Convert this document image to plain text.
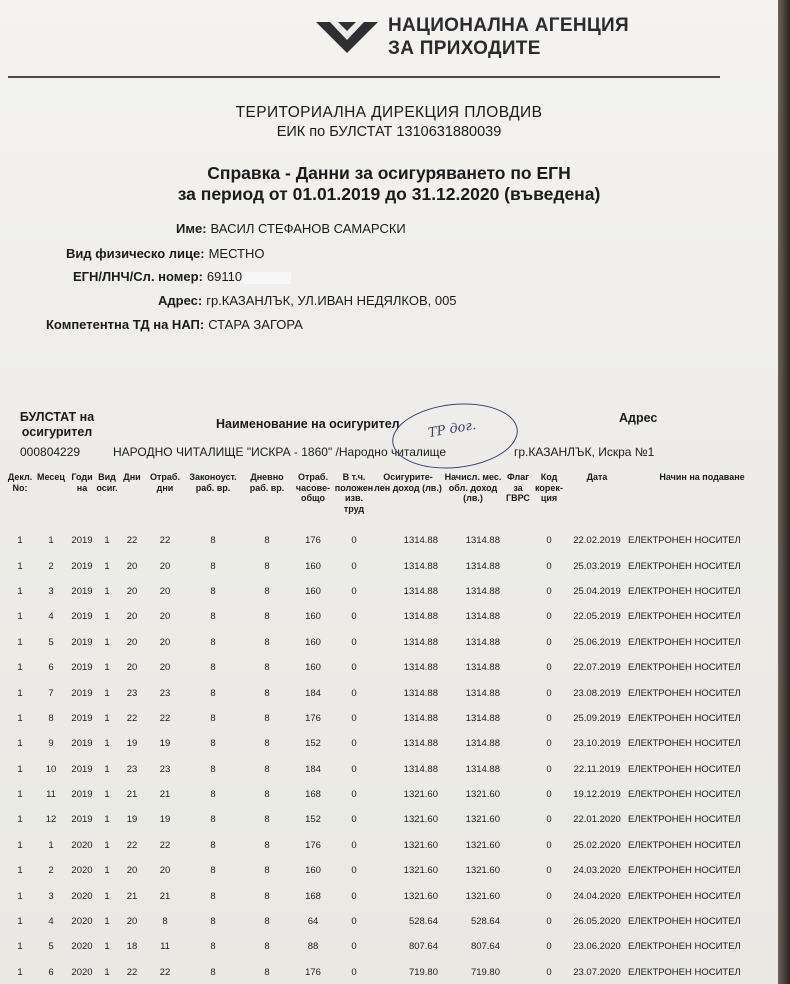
НАЦИОНАЛНА АГЕНЦИЯ
ЗА ПРИХОДИТЕ
ТЕРИТОРИАЛНА ДИРЕКЦИЯ ПЛОВДИВ
ЕИК по БУЛСТАТ 1310631880039
Справка - Данни за осигуряването по ЕГН
за период от 01.01.2019 до 31.12.2020 (въведена)
Име: ВАСИЛ СТЕФАНОВ САМАРСКИ
Вид физическо лице: МЕСТНО
ЕГН/ЛНЧ/Сл. номер: 69110
Адрес: гр.КАЗАНЛЪК, УЛ.ИВАН НЕДЯЛКОВ, 005
Компетентна ТД на НАП: СТАРА ЗАГОРА
БУЛСТАТ на осигурител
Наименование на осигурител	Адрес
000804229	НАРОДНО ЧИТАЛИЩЕ "ИСКРА - 1860" /Народно читалище	гр.КАЗАНЛЪК, Искра №1
ТР дог.
Декл. No:	Месец	Годи на	Вид осиг.	Дни	Отраб. дни	Законоуст. раб. вр.	Дневно раб. вр.	Отраб. часове- общо	В т.ч. положен изв. труд	Осигурите- лен доход (лв.)	Начисл. мес. обл. доход (лв.)	Флаг за ГВРС	Код корек- ция	Дата	Начин на подаване
1	1	2019	1	22	22	8	8	176	0	1314.88	1314.88		0	22.02.2019	ЕЛЕКТРОНЕН НОСИТЕЛ
1	2	2019	1	20	20	8	8	160	0	1314.88	1314.88		0	25.03.2019	ЕЛЕКТРОНЕН НОСИТЕЛ
1	3	2019	1	20	20	8	8	160	0	1314.88	1314.88		0	25.04.2019	ЕЛЕКТРОНЕН НОСИТЕЛ
1	4	2019	1	20	20	8	8	160	0	1314.88	1314.88		0	22.05.2019	ЕЛЕКТРОНЕН НОСИТЕЛ
1	5	2019	1	20	20	8	8	160	0	1314.88	1314.88		0	25.06.2019	ЕЛЕКТРОНЕН НОСИТЕЛ
1	6	2019	1	20	20	8	8	160	0	1314.88	1314.88		0	22.07.2019	ЕЛЕКТРОНЕН НОСИТЕЛ
1	7	2019	1	23	23	8	8	184	0	1314.88	1314.88		0	23.08.2019	ЕЛЕКТРОНЕН НОСИТЕЛ
1	8	2019	1	22	22	8	8	176	0	1314.88	1314.88		0	25.09.2019	ЕЛЕКТРОНЕН НОСИТЕЛ
1	9	2019	1	19	19	8	8	152	0	1314.88	1314.88		0	23.10.2019	ЕЛЕКТРОНЕН НОСИТЕЛ
1	10	2019	1	23	23	8	8	184	0	1314.88	1314.88		0	22.11.2019	ЕЛЕКТРОНЕН НОСИТЕЛ
1	11	2019	1	21	21	8	8	168	0	1321.60	1321.60		0	19.12.2019	ЕЛЕКТРОНЕН НОСИТЕЛ
1	12	2019	1	19	19	8	8	152	0	1321.60	1321.60		0	22.01.2020	ЕЛЕКТРОНЕН НОСИТЕЛ
1	1	2020	1	22	22	8	8	176	0	1321.60	1321.60		0	25.02.2020	ЕЛЕКТРОНЕН НОСИТЕЛ
1	2	2020	1	20	20	8	8	160	0	1321.60	1321.60		0	24.03.2020	ЕЛЕКТРОНЕН НОСИТЕЛ
1	3	2020	1	21	21	8	8	168	0	1321.60	1321.60		0	24.04.2020	ЕЛЕКТРОНЕН НОСИТЕЛ
1	4	2020	1	20	8	8	8	64	0	528.64	528.64		0	26.05.2020	ЕЛЕКТРОНЕН НОСИТЕЛ
1	5	2020	1	18	11	8	8	88	0	807.64	807.64		0	23.06.2020	ЕЛЕКТРОНЕН НОСИТЕЛ
1	6	2020	1	22	22	8	8	176	0	719.80	719.80		0	23.07.2020	ЕЛЕКТРОНЕН НОСИТЕЛ
